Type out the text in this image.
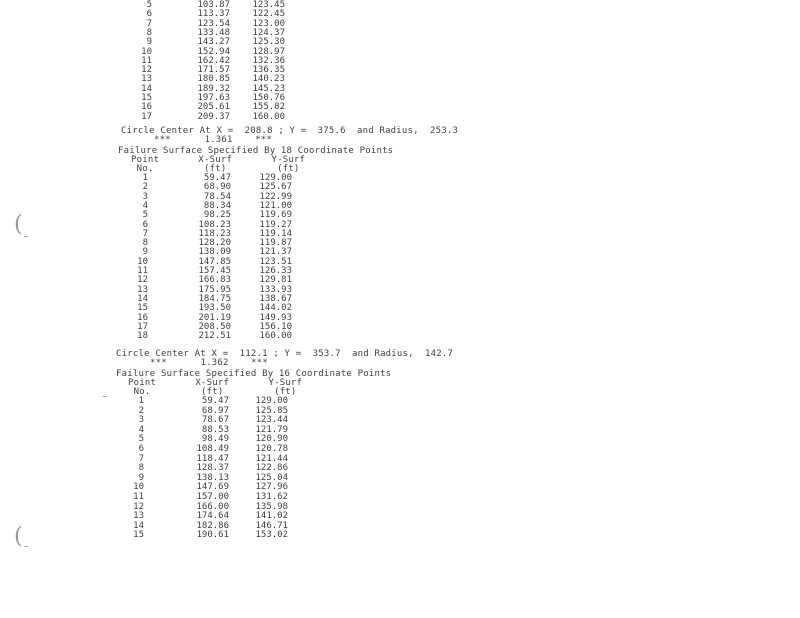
(
(
5	103.87	123.45
6	113.37	122.45
7	123.54	123.00
8	133.48	124.37
9	143.27	125.30
10	152.94	128.97
11	162.42	132.36
12	171.57	136.35
13	180.85	140.23
14	189.32	145.23
15	197.63	150.76
16	205.61	155.82
17	209.37	160.00
Circle Center At X =  208.8 ; Y =  375.6  and Radius,  253.3
***      1.361    ***
Failure Surface Specified By 18 Coordinate Points
Point       X-Surf       Y-Surf
No.         (ft)         (ft)
1	59.47	129.00
2	68.90	125.67
3	78.54	122.99
4	88.34	121.00
5	98.25	119.69
6	108.23	119.27
7	118.23	119.14
8	128.20	119.87
9	138.09	121.37
10	147.85	123.51
11	157.45	126.33
12	166.83	129.81
13	175.95	133.93
14	184.75	138.67
15	193.50	144.02
16	201.19	149.93
17	208.50	156.10
18	212.51	160.00
Circle Center At X =  112.1 ; Y =  353.7  and Radius,  142.7
***      1.362    ***
Failure Surface Specified By 16 Coordinate Points
Point       X-Surf       Y-Surf
No.         (ft)         (ft)
1	59.47	129.00
2	68.97	125.85
3	78.67	123.44
4	88.53	121.79
5	98.49	120.90
6	108.49	120.78
7	118.47	121.44
8	128.37	122.86
9	138.13	125.04
10	147.69	127.96
11	157.00	131.62
12	166.00	135.98
13	174.64	141.02
14	182.86	146.71
15	190.61	153.02
